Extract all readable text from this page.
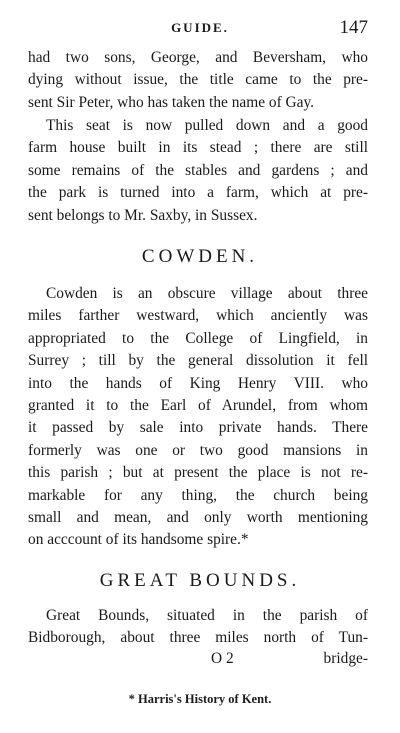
GUIDE.	147
had two sons, George, and Beversham, who
dying without issue, the title came to the pre-
sent Sir Peter, who has taken the name of Gay.
This seat is now pulled down and a good
farm house built in its stead ; there are still
some remains of the stables and gardens ; and
the park is turned into a farm, which at pre-
sent belongs to Mr. Saxby, in Sussex.
COWDEN.
Cowden is an obscure village about three
miles farther westward, which anciently was
appropriated to the College of Lingfield, in
Surrey ; till by the general dissolution it fell
into the hands of King Henry VIII. who
granted it to the Earl of Arundel, from whom
it passed by sale into private hands. There
formerly was one or two good mansions in
this parish ; but at present the place is not re-
markable for any thing, the church being
small and mean, and only worth mentioning
on acccount of its handsome spire.*
GREAT BOUNDS.
Great Bounds, situated in the parish of
Bidborough, about three miles north of Tun-
O 2	bridge-
* Harris's History of Kent.
